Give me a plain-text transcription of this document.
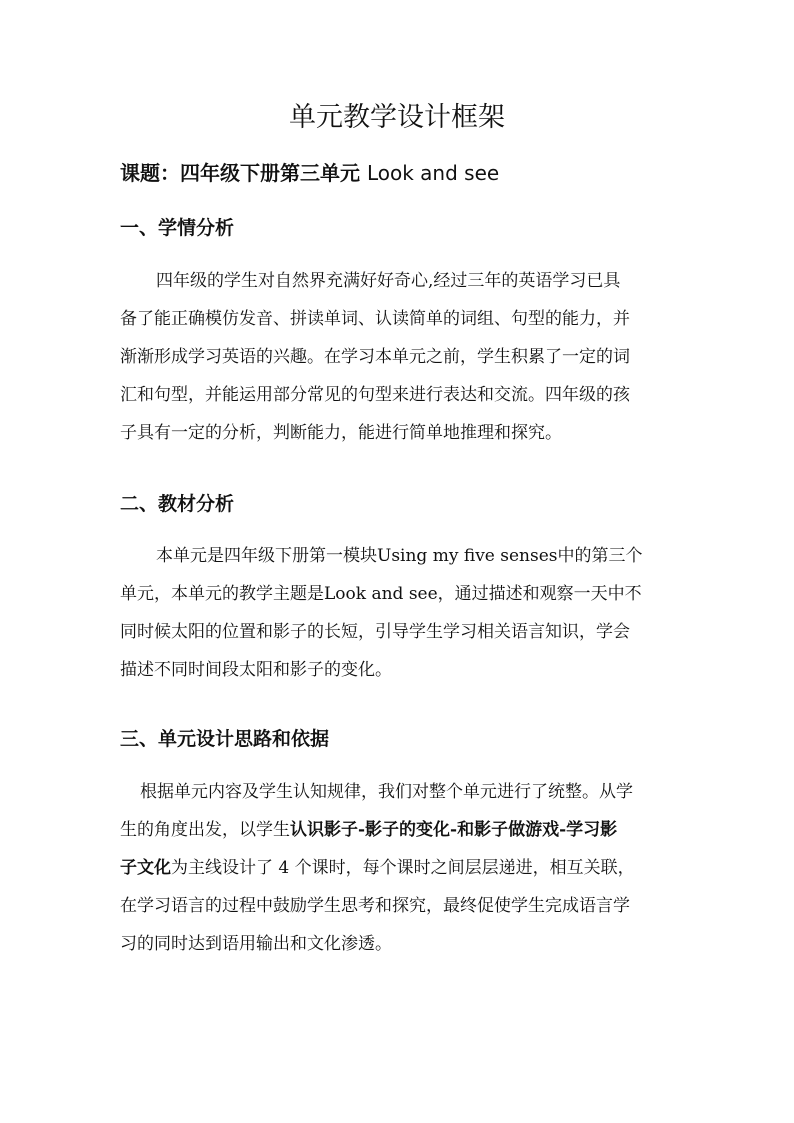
单元教学设计框架
课题：四年级下册第三单元 Look and see
一、学情分析
四年级的学生对自然界充满好好奇心,经过三年的英语学习已具
备了能正确模仿发音、拼读单词、认读简单的词组、句型的能力，并
渐渐形成学习英语的兴趣。在学习本单元之前，学生积累了一定的词
汇和句型，并能运用部分常见的句型来进行表达和交流。四年级的孩
子具有一定的分析，判断能力，能进行简单地推理和探究。
二、教材分析
本单元是四年级下册第一模块Using my five senses中的第三个
单元，本单元的教学主题是Look and see，通过描述和观察一天中不
同时候太阳的位置和影子的长短，引导学生学习相关语言知识，学会
描述不同时间段太阳和影子的变化。
三、单元设计思路和依据
根据单元内容及学生认知规律，我们对整个单元进行了统整。从学
生的角度出发，以学生认识影子-影子的变化-和影子做游戏-学习影
子文化为主线设计了 4 个课时，每个课时之间层层递进，相互关联，
在学习语言的过程中鼓励学生思考和探究，最终促使学生完成语言学
习的同时达到语用输出和文化渗透。
